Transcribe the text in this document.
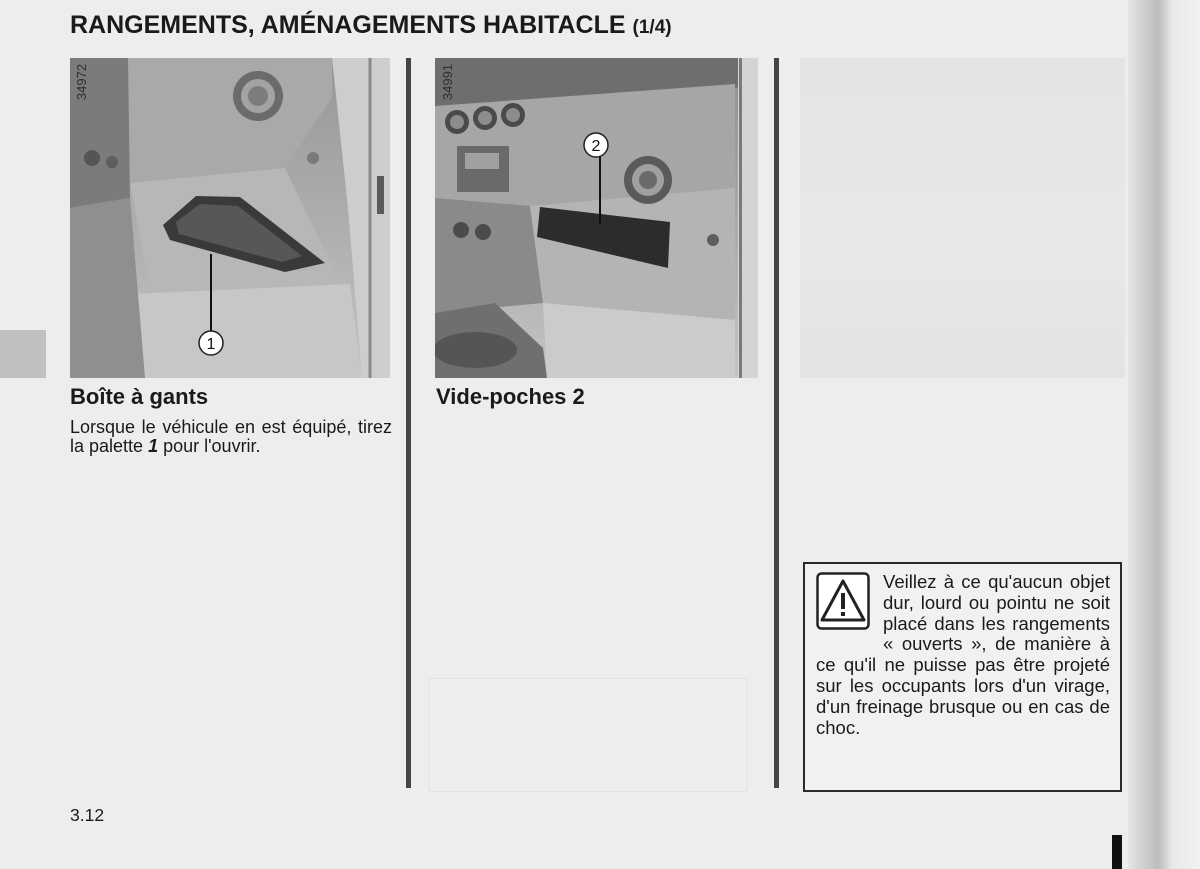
RANGEMENTS, AMÉNAGEMENTS HABITACLE (1/4)
1
34972
2
34991
Boîte à gants

Lorsque le véhicule en est équipé, tirez la palette 1 pour l'ouvrir.

Vide-poches 2

Veillez à ce qu'aucun objet dur, lourd ou pointu ne soit placé dans les rangements « ouverts », de manière à ce qu'il ne puisse pas être projeté sur les occupants lors d'un virage, d'un freinage brusque ou en cas de choc.

3.12
